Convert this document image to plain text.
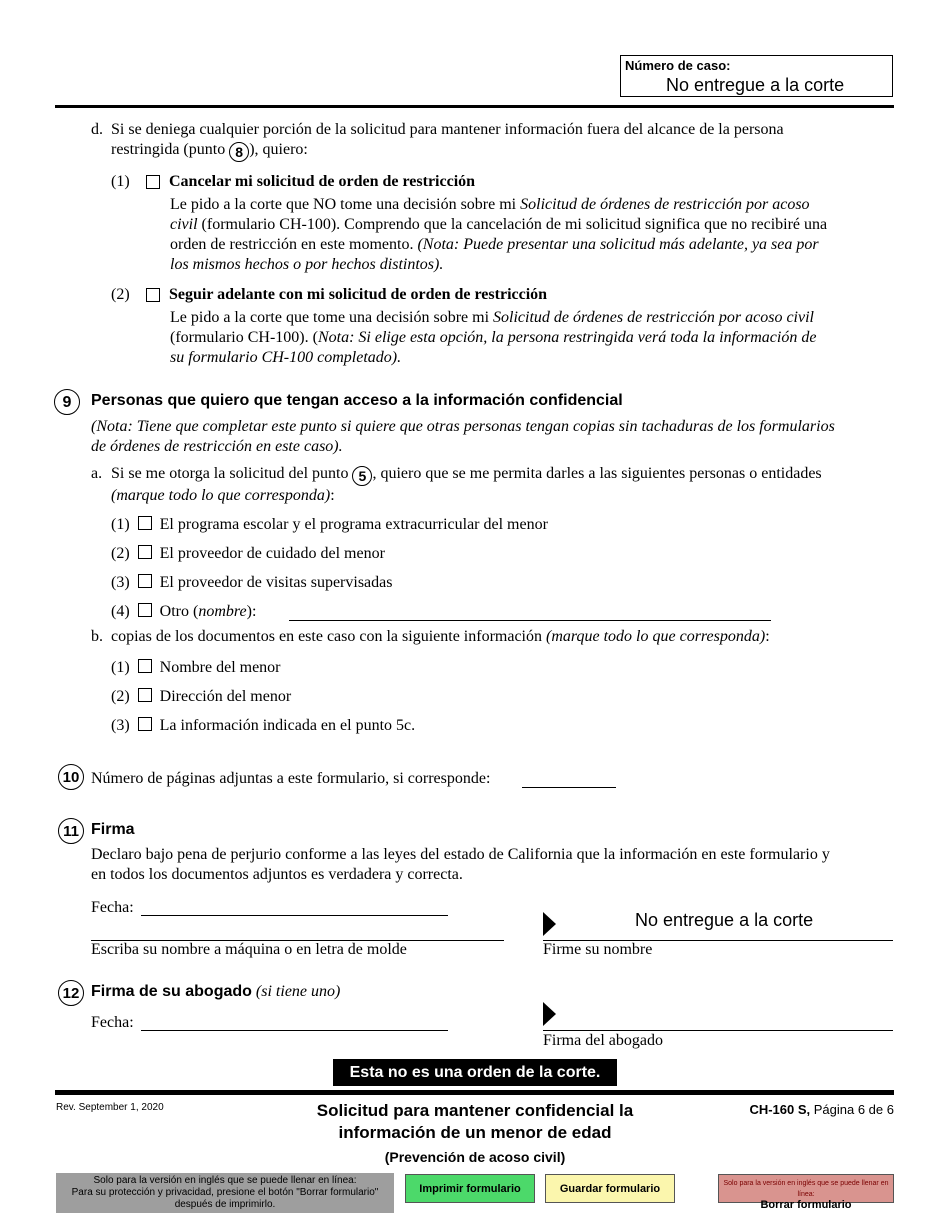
Número de caso:
No entregue a la corte
d. Si se deniega cualquier porción de la solicitud para mantener información fuera del alcance de la persona
restringida (punto 8 ), quiero:
(1) Cancelar mi solicitud de orden de restricción
Le pido a la corte que NO tome una decisión sobre mi Solicitud de órdenes de restricción por acoso
civil (formulario CH-100). Comprendo que la cancelación de mi solicitud significa que no recibiré una
orden de restricción en este momento. (Nota: Puede presentar una solicitud más adelante, ya sea por
los mismos hechos o por hechos distintos).
(2) Seguir adelante con mi solicitud de orden de restricción
Le pido a la corte que tome una decisión sobre mi Solicitud de órdenes de restricción por acoso civil
(formulario CH-100). (Nota: Si elige esta opción, la persona restringida verá toda la información de
su formulario CH-100 completado).
9	Personas que quiero que tengan acceso a la información confidencial
(Nota: Tiene que completar este punto si quiere que otras personas tengan copias sin tachaduras de los formularios
de órdenes de restricción en este caso).
a. Si se me otorga la solicitud del punto 5 , quiero que se me permita darles a las siguientes personas o entidades
(marque todo lo que corresponda):
(1) El programa escolar y el programa extracurricular del menor
(2) El proveedor de cuidado del menor
(3) El proveedor de visitas supervisadas
(4) Otro (nombre):
b. copias de los documentos en este caso con la siguiente información (marque todo lo que corresponda):
(1) Nombre del menor
(2) Dirección del menor
(3) La información indicada en el punto 5c.
10 Número de páginas adjuntas a este formulario, si corresponde:
11 Firma
Declaro bajo pena de perjurio conforme a las leyes del estado de California que la información en este formulario y
en todos los documentos adjuntos es verdadera y correcta.
Fecha:
Escriba su nombre a máquina o en letra de molde
No entregue a la corte
Firme su nombre
12 Firma de su abogado (si tiene uno)
Fecha:
Firma del abogado
Esta no es una orden de la corte.
Rev. September 1, 2020	Solicitud para mantener confidencial la
información de un menor de edad
(Prevención de acoso civil)
CH-160 S, Página 6 de 6
Solo para la versión en inglés que se puede llenar en línea:
Para su protección y privacidad, presione el botón "Borrar formulario"
después de imprimirlo.
Imprimir formulario	Guardar formulario	Solo para la versión en inglés que se puede llenar en línea:
Borrar formulario
